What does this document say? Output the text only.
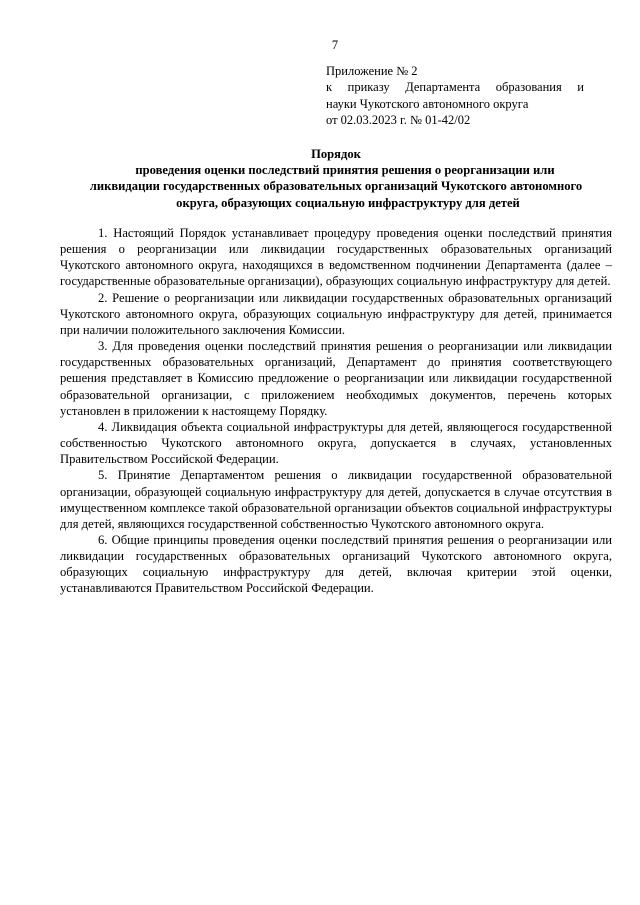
7
Приложение № 2
к приказу Департамента образования и
науки Чукотского автономного округа
от 02.03.2023 г. № 01-42/02
Порядок
проведения оценки последствий принятия решения о реорганизации или
ликвидации государственных образовательных организаций Чукотского автономного
округа, образующих социальную инфраструктуру для детей

1. Настоящий Порядок устанавливает процедуру проведения оценки последствий принятия решения о реорганизации или ликвидации государственных образовательных организаций Чукотского автономного округа, находящихся в ведомственном подчинении Департамента (далее – государственные образовательные организации), образующих социальную инфраструктуру для детей.

2. Решение о реорганизации или ликвидации государственных образовательных организаций Чукотского автономного округа, образующих социальную инфраструктуру для детей, принимается при наличии положительного заключения Комиссии.

3. Для проведения оценки последствий принятия решения о реорганизации или ликвидации государственных образовательных организаций, Департамент до принятия соответствующего решения представляет в Комиссию предложение о реорганизации или ликвидации государственной образовательной организации, с приложением необходимых документов, перечень которых установлен в приложении к настоящему Порядку.

4. Ликвидация объекта социальной инфраструктуры для детей, являющегося государственной собственностью Чукотского автономного округа, допускается в случаях, установленных Правительством Российской Федерации.

5. Принятие Департаментом решения о ликвидации государственной образовательной организации, образующей социальную инфраструктуру для детей, допускается в случае отсутствия в имущественном комплексе такой образовательной организации объектов социальной инфраструктуры для детей, являющихся государственной собственностью Чукотского автономного округа.

6. Общие принципы проведения оценки последствий принятия решения о реорганизации или ликвидации государственных образовательных организаций Чукотского автономного округа, образующих социальную инфраструктуру для детей, включая критерии этой оценки, устанавливаются Правительством Российской Федерации.
